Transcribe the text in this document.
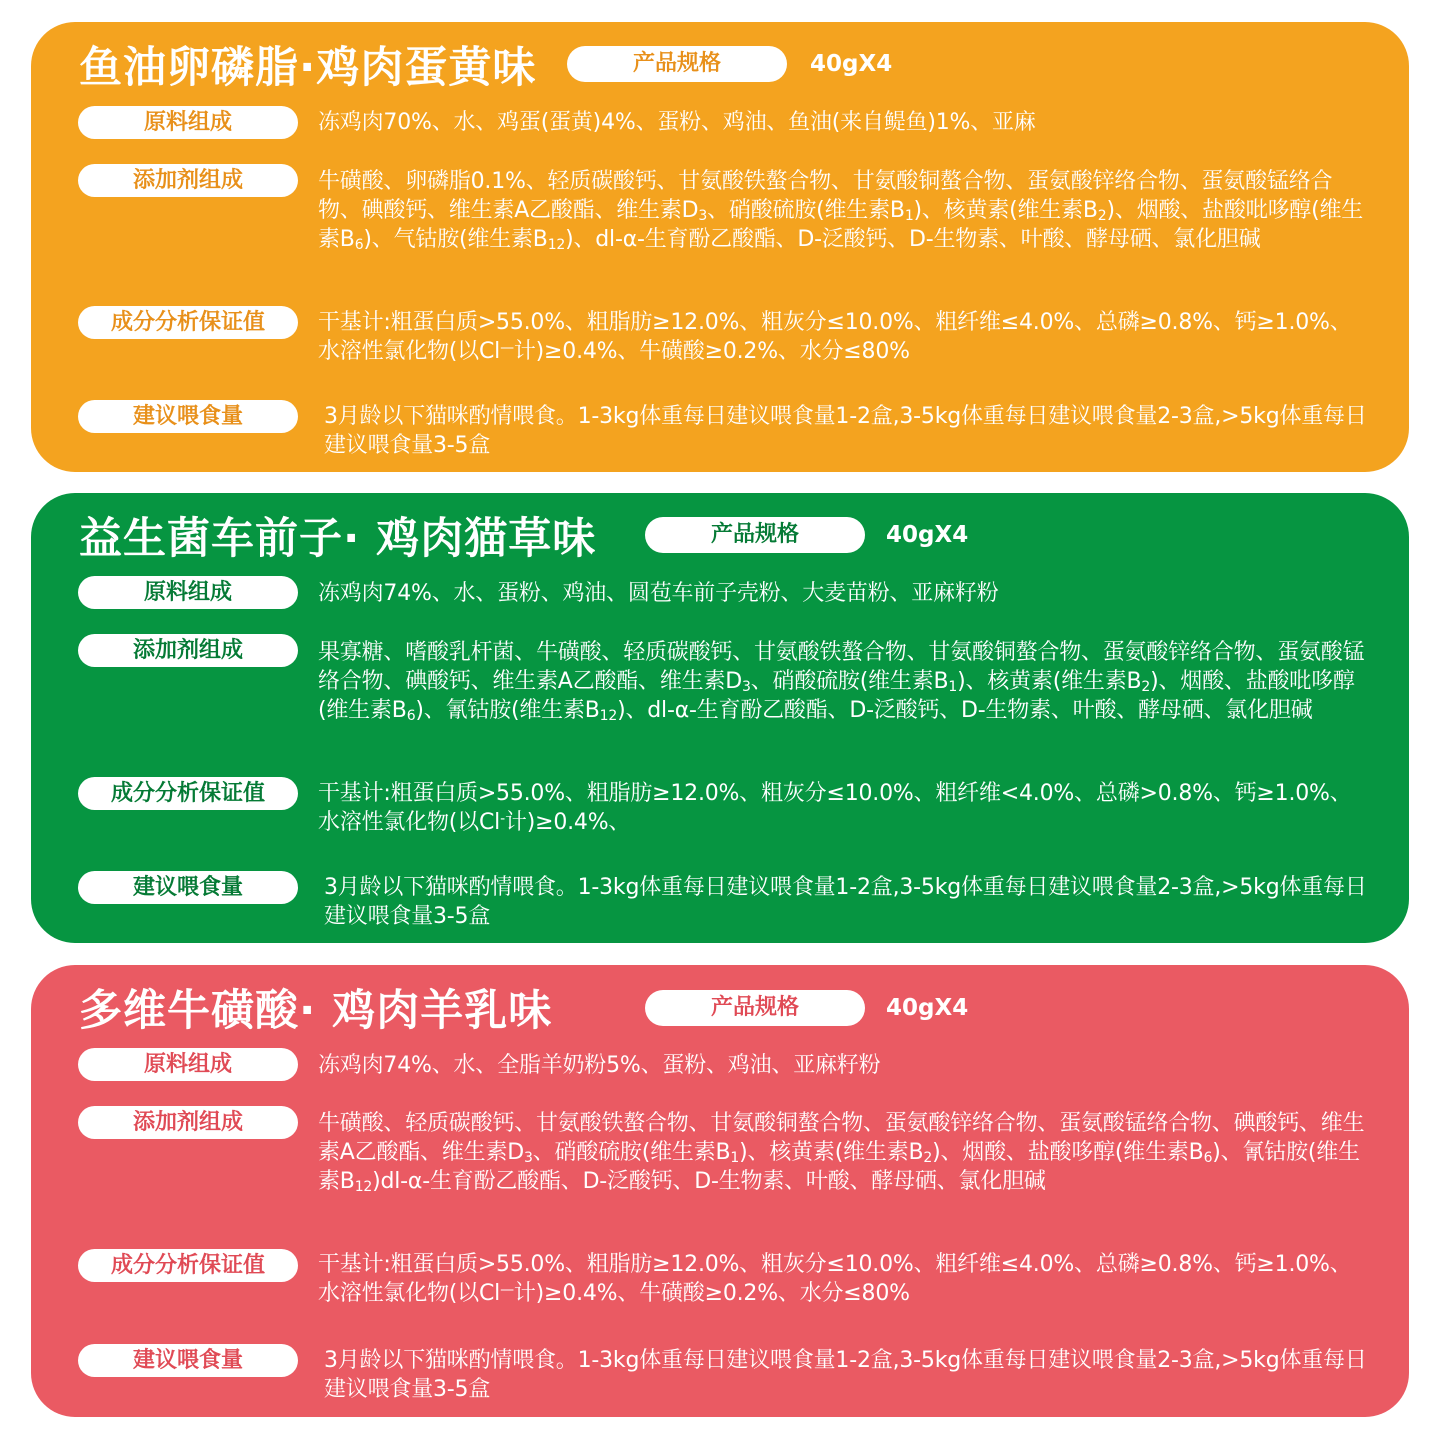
鱼油卵磷脂·鸡肉蛋黄味	产品规格	40gX4
原料组成	冻鸡肉70%、水、鸡蛋(蛋黄)4%、蛋粉、鸡油、鱼油(来自鳀鱼)1%、亚麻
添加剂组成	牛磺酸、卵磷脂0.1%、轻质碳酸钙、甘氨酸铁螯合物、甘氨酸铜螯合物、蛋氨酸锌络合物、蛋氨酸锰络合物、碘酸钙、维生素A乙酸酯、维生素$D_3$、硝酸硫胺(维生素$B_1$)、核黄素(维生素$B_2$)、烟酸、盐酸吡哆醇(维生素$B_6$)、气钴胺(维生素$B_{12}$)、dl-α-生育酚乙酸酯、D-泛酸钙、D-生物素、叶酸、酵母硒、氯化胆碱
成分分析保证值	干基计:粗蛋白质>55.0%、粗脂肪≥12.0%、粗灰分≤10.0%、粗纤维≤4.0%、总磷≥0.8%、钙≥1.0%、水溶性氯化物(以Cl—计)≥0.4%、牛磺酸≥0.2%、水分≤80%
建议喂食量	3月龄以下猫咪酌情喂食。1-3kg体重每日建议喂食量1-2盒,3-5kg体重每日建议喂食量2-3盒,>5kg体重每日建议喂食量3-5盒
益生菌车前子· 鸡肉猫草味	产品规格	40gX4
原料组成	冻鸡肉74%、水、蛋粉、鸡油、圆苞车前子壳粉、大麦苗粉、亚麻籽粉
添加剂组成	果寡糖、嗜酸乳杆菌、牛磺酸、轻质碳酸钙、甘氨酸铁螯合物、甘氨酸铜螯合物、蛋氨酸锌络合物、蛋氨酸锰络合物、碘酸钙、维生素A乙酸酯、维生素$D_3$、硝酸硫胺(维生素$B_1$)、核黄素(维生素$B_2$)、烟酸、盐酸吡哆醇(维生素$B_6$)、氰钴胺(维生素$B_{12}$)、dl-α-生育酚乙酸酯、D-泛酸钙、D-生物素、叶酸、酵母硒、氯化胆碱
成分分析保证值	干基计:粗蛋白质>55.0%、粗脂肪≥12.0%、粗灰分≤10.0%、粗纤维<4.0%、总磷>0.8%、钙≥1.0%、水溶性氯化物(以Cl-计)≥0.4%、
建议喂食量	3月龄以下猫咪酌情喂食。1-3kg体重每日建议喂食量1-2盒,3-5kg体重每日建议喂食量2-3盒,>5kg体重每日建议喂食量3-5盒
多维牛磺酸· 鸡肉羊乳味	产品规格	40gX4
原料组成	冻鸡肉74%、水、全脂羊奶粉5%、蛋粉、鸡油、亚麻籽粉
添加剂组成	牛磺酸、轻质碳酸钙、甘氨酸铁螯合物、甘氨酸铜螯合物、蛋氨酸锌络合物、蛋氨酸锰络合物、碘酸钙、维生素A乙酸酯、维生素$D_3$、硝酸硫胺(维生素$B_1$)、核黄素(维生素$B_2$)、烟酸、盐酸哆醇(维生素$B_6$)、氰钴胺(维生素$B_{12})dl-\alpha-$生育酚乙酸酯、D-泛酸钙、D-生物素、叶酸、酵母硒、氯化胆碱
成分分析保证值	干基计:粗蛋白质>55.0%、粗脂肪≥12.0%、粗灰分≤10.0%、粗纤维≤4.0%、总磷≥0.8%、钙≥1.0%、水溶性氯化物(以Cl—计)≥0.4%、牛磺酸≥0.2%、水分≤80%
建议喂食量	3月龄以下猫咪酌情喂食。1-3kg体重每日建议喂食量1-2盒,3-5kg体重每日建议喂食量2-3盒,>5kg体重每日建议喂食量3-5盒
